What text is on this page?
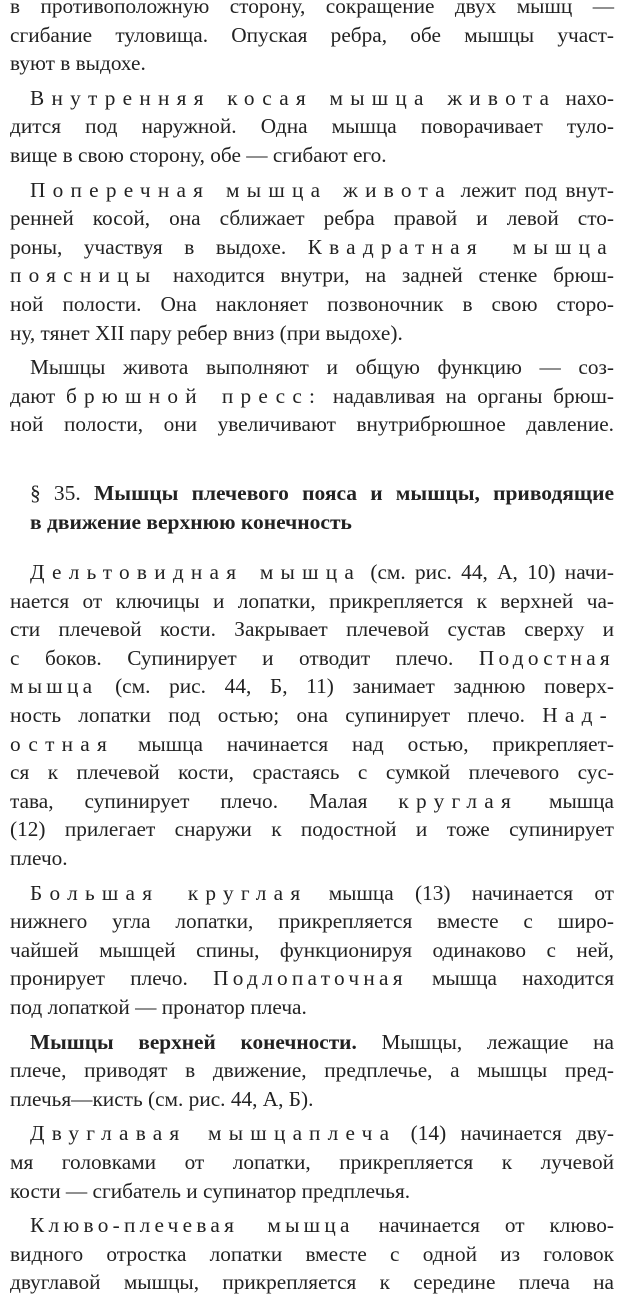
в противоположную сторону, сокращение двух мышц —
сгибание туловища. Опуская ребра, обе мышцы участ-
вуют в выдохе.
Внутренняя косая мышца живота нахо-
дится под наружной. Одна мышца поворачивает туло-
вище в свою сторону, обе — сгибают его.
Поперечная мышца живота лежит под внут-
ренней косой, она сближает ребра правой и левой сто-
роны, участвуя в выдохе. Квадратная мышца
поясницы находится внутри, на задней стенке брюш-
ной полости. Она наклоняет позвоночник в свою сторо-
ну, тянет XII пару ребер вниз (при выдохе).
Мышцы живота выполняют и общую функцию — соз-
дают брюшной пресс: надавливая на органы брюш-
ной полости, они увеличивают внутрибрюшное давление.
§ 35. Мышцы плечевого пояса и мышцы, приводящие
в движение верхнюю конечность
Дельтовидная мышца (см. рис. 44, А, 10) начи-
нается от ключицы и лопатки, прикрепляется к верхней ча-
сти плечевой кости. Закрывает плечевой сустав сверху и
с боков. Супинирует и отводит плечо. Подостная
мышца (см. рис. 44, Б, 11) занимает заднюю поверх-
ность лопатки под остью; она супинирует плечо. Над-
остная мышца начинается над остью, прикрепляет-
ся к плечевой кости, срастаясь с сумкой плечевого сус-
тава, супинирует плечо. Малая круглая мышца
(12) прилегает снаружи к подостной и тоже супинирует
плечо.
Большая круглая мышца (13) начинается от
нижнего угла лопатки, прикрепляется вместе с широ-
чайшей мышцей спины, функционируя одинаково с ней,
пронирует плечо. Подлопаточная мышца находится
под лопаткой — пронатор плеча.
Мышцы верхней конечности. Мышцы, лежащие на
плече, приводят в движение, предплечье, а мышцы пред-
плечья—кисть (см. рис. 44, А, Б).
Двуглавая мышцаплеча (14) начинается дву-
мя головками от лопатки, прикрепляется к лучевой
кости — сгибатель и супинатор предплечья.
Клюво-плечевая мышца начинается от клюво-
видного отростка лопатки вместе с одной из головок
двуглавой мышцы, прикрепляется к середине плеча на
